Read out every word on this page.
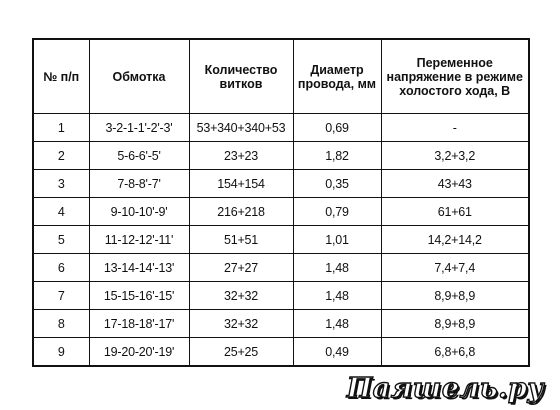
№ п/п	Обмотка	Количество витков	Диаметр провода, мм	Переменное напряжение в режиме холостого хода, В
1	3-2-1-1'-2'-3'	53+340+340+53	0,69	-
2	5-6-6'-5'	23+23	1,82	3,2+3,2
3	7-8-8'-7'	154+154	0,35	43+43
4	9-10-10'-9'	216+218	0,79	61+61
5	11-12-12'-11'	51+51	1,01	14,2+14,2
6	13-14-14'-13'	27+27	1,48	7,4+7,4
7	15-15-16'-15'	32+32	1,48	8,9+8,9
8	17-18-18'-17'	32+32	1,48	8,9+8,9
9	19-20-20'-19'	25+25	0,49	6,8+6,8
Паяшель.ру
